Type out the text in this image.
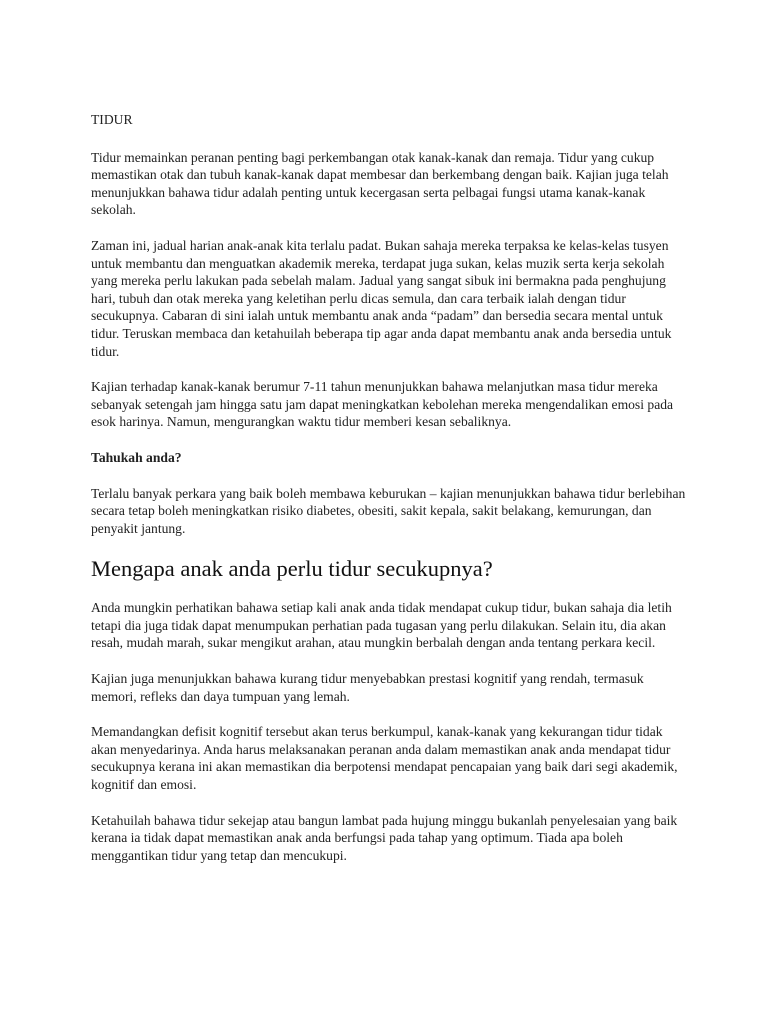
TIDUR

Tidur memainkan peranan penting bagi perkembangan otak kanak-kanak dan remaja. Tidur yang cukup memastikan otak dan tubuh kanak-kanak dapat membesar dan berkembang dengan baik. Kajian juga telah menunjukkan bahawa tidur adalah penting untuk kecergasan serta pelbagai fungsi utama kanak-kanak sekolah.

Zaman ini, jadual harian anak-anak kita terlalu padat. Bukan sahaja mereka terpaksa ke kelas-kelas tusyen untuk membantu dan menguatkan akademik mereka, terdapat juga sukan, kelas muzik serta kerja sekolah yang mereka perlu lakukan pada sebelah malam. Jadual yang sangat sibuk ini bermakna pada penghujung hari, tubuh dan otak mereka yang keletihan perlu dicas semula, dan cara terbaik ialah dengan tidur secukupnya. Cabaran di sini ialah untuk membantu anak anda “padam” dan bersedia secara mental untuk tidur. Teruskan membaca dan ketahuilah beberapa tip agar anda dapat membantu anak anda bersedia untuk tidur.

Kajian terhadap kanak-kanak berumur 7-11 tahun menunjukkan bahawa melanjutkan masa tidur mereka sebanyak setengah jam hingga satu jam dapat meningkatkan kebolehan mereka mengendalikan emosi pada esok harinya. Namun, mengurangkan waktu tidur memberi kesan sebaliknya.

Tahukah anda?

Terlalu banyak perkara yang baik boleh membawa keburukan – kajian menunjukkan bahawa tidur berlebihan secara tetap boleh meningkatkan risiko diabetes, obesiti, sakit kepala, sakit belakang, kemurungan, dan penyakit jantung.

Mengapa anak anda perlu tidur secukupnya?

Anda mungkin perhatikan bahawa setiap kali anak anda tidak mendapat cukup tidur, bukan sahaja dia letih tetapi dia juga tidak dapat menumpukan perhatian pada tugasan yang perlu dilakukan. Selain itu, dia akan resah, mudah marah, sukar mengikut arahan, atau mungkin berbalah dengan anda tentang perkara kecil.

Kajian juga menunjukkan bahawa kurang tidur menyebabkan prestasi kognitif yang rendah, termasuk memori, refleks dan daya tumpuan yang lemah.

Memandangkan defisit kognitif tersebut akan terus berkumpul, kanak-kanak yang kekurangan tidur tidak akan menyedarinya. Anda harus melaksanakan peranan anda dalam memastikan anak anda mendapat tidur secukupnya kerana ini akan memastikan dia berpotensi mendapat pencapaian yang baik dari segi akademik, kognitif dan emosi.

Ketahuilah bahawa tidur sekejap atau bangun lambat pada hujung minggu bukanlah penyelesaian yang baik kerana ia tidak dapat memastikan anak anda berfungsi pada tahap yang optimum. Tiada apa boleh menggantikan tidur yang tetap dan mencukupi.
